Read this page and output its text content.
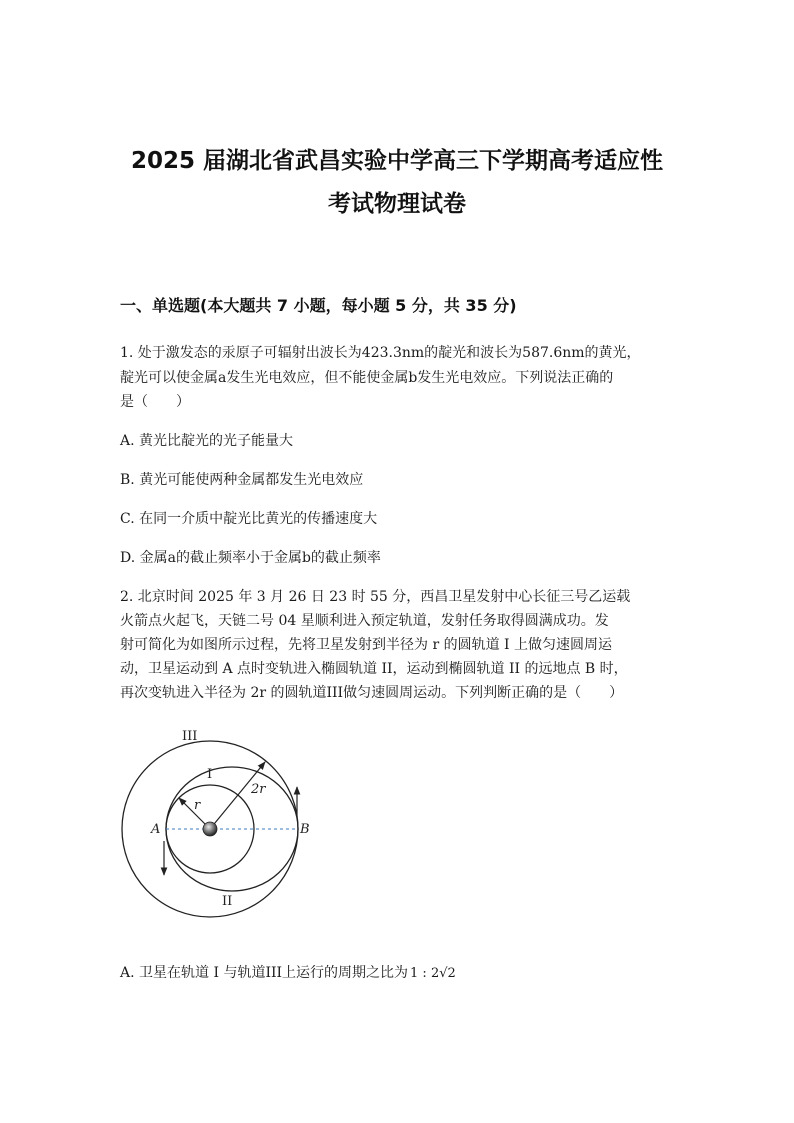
2025 届湖北省武昌实验中学高三下学期高考适应性
考试物理试卷
一、单选题(本大题共 7 小题，每小题 5 分，共 35 分)
1. 处于激发态的汞原子可辐射出波长为423.3nm的靛光和波长为587.6nm的黄光，
靛光可以使金属a发生光电效应，但不能使金属b发生光电效应。下列说法正确的
是（　　）
A. 黄光比靛光的光子能量大
B. 黄光可能使两种金属都发生光电效应
C. 在同一介质中靛光比黄光的传播速度大
D. 金属a的截止频率小于金属b的截止频率
2. 北京时间 2025 年 3 月 26 日 23 时 55 分，西昌卫星发射中心长征三号乙运载
火箭点火起飞，天链二号 04 星顺利进入预定轨道，发射任务取得圆满成功。发
射可简化为如图所示过程，先将卫星发射到半径为 r 的圆轨道 I 上做匀速圆周运
动，卫星运动到 A 点时变轨进入椭圆轨道 II，运动到椭圆轨道 II 的远地点 B 时，
再次变轨进入半径为 2r 的圆轨道III做匀速圆周运动。下列判断正确的是（　　）
III
I
II
r
2r
A	B
A. 卫星在轨道 I 与轨道III上运行的周期之比为 1 : 2√2
